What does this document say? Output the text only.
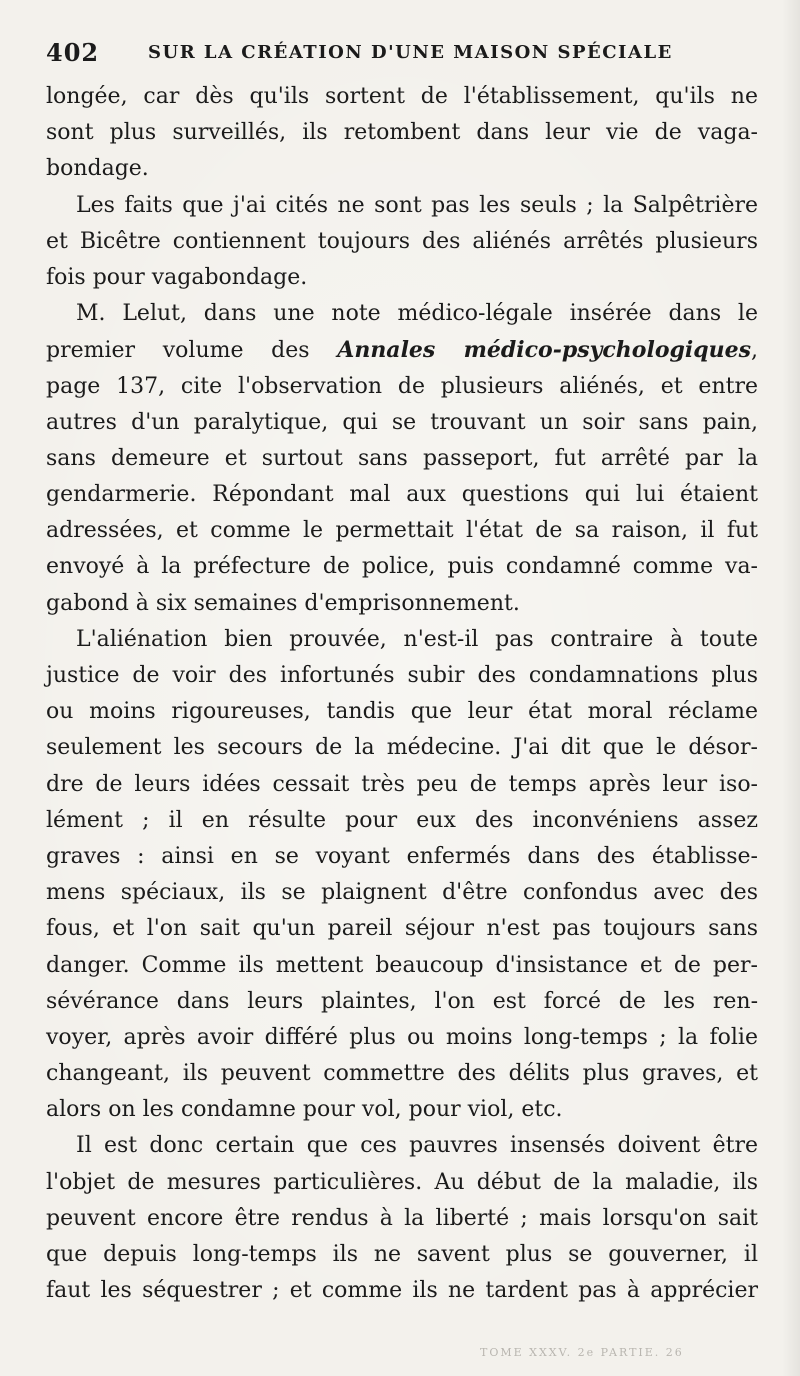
402	SUR LA CRÉATION D'UNE MAISON SPÉCIALE
longée, car dès qu'ils sortent de l'établissement, qu'ils ne
sont plus surveillés, ils retombent dans leur vie de vaga-
bondage.
Les faits que j'ai cités ne sont pas les seuls ; la Salpêtrière
et Bicêtre contiennent toujours des aliénés arrêtés plusieurs
fois pour vagabondage.
M. Lelut, dans une note médico-légale insérée dans le
premier volume des Annales médico-psychologiques,
page 137, cite l'observation de plusieurs aliénés, et entre
autres d'un paralytique, qui se trouvant un soir sans pain,
sans demeure et surtout sans passeport, fut arrêté par la
gendarmerie. Répondant mal aux questions qui lui étaient
adressées, et comme le permettait l'état de sa raison, il fut
envoyé à la préfecture de police, puis condamné comme va-
gabond à six semaines d'emprisonnement.
L'aliénation bien prouvée, n'est-il pas contraire à toute
justice de voir des infortunés subir des condamnations plus
ou moins rigoureuses, tandis que leur état moral réclame
seulement les secours de la médecine. J'ai dit que le désor-
dre de leurs idées cessait très peu de temps après leur iso-
lément ; il en résulte pour eux des inconvéniens assez
graves : ainsi en se voyant enfermés dans des établisse-
mens spéciaux, ils se plaignent d'être confondus avec des
fous, et l'on sait qu'un pareil séjour n'est pas toujours sans
danger. Comme ils mettent beaucoup d'insistance et de per-
sévérance dans leurs plaintes, l'on est forcé de les ren-
voyer, après avoir différé plus ou moins long-temps ; la folie
changeant, ils peuvent commettre des délits plus graves, et
alors on les condamne pour vol, pour viol, etc.
Il est donc certain que ces pauvres insensés doivent être
l'objet de mesures particulières. Au début de la maladie, ils
peuvent encore être rendus à la liberté ; mais lorsqu'on sait
que depuis long-temps ils ne savent plus se gouverner, il
faut les séquestrer ; et comme ils ne tardent pas à apprécier
TOME XXXV. 2e PARTIE. 26
